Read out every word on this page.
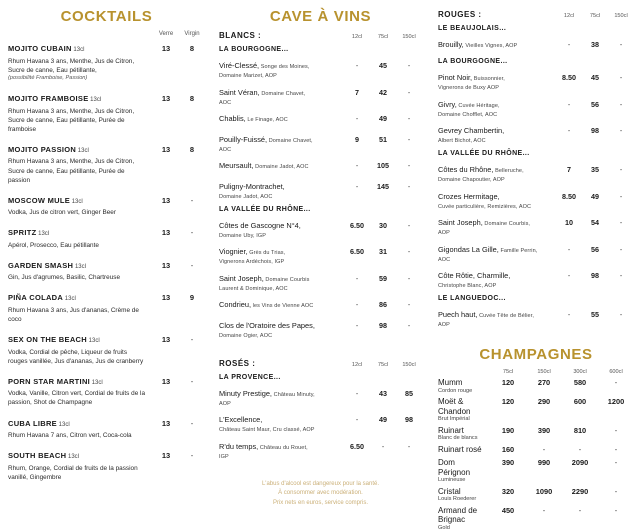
COCKTAILS
Verre	Virgin
MOJITO CUBAIN 13cl	13	8
Rhum Havana 3 ans, Menthe, Jus de Citron, Sucre de canne, Eau pétillante,
(possibilité Framboise, Passion)
MOJITO FRAMBOISE 13cl	13	8
Rhum Havana 3 ans, Menthe, Jus de Citron, Sucre de canne, Eau pétillante, Purée de framboise
MOJITO PASSION 13cl	13	8
Rhum Havana 3 ans, Menthe, Jus de Citron, Sucre de canne, Eau pétillante, Purée de passion
MOSCOW MULE 13cl	13	-
Vodka, Jus de citron vert, Ginger Beer
SPRITZ 13cl	13	-
Apérol, Prosecco, Eau pétillante
GARDEN SMASH 13cl	13	-
Gin, Jus d'agrumes, Basilic, Chartreuse
PIÑA COLADA 13cl	13	9
Rhum Havana 3 ans, Jus d'ananas, Crème de coco
SEX ON THE BEACH 13cl	13	-
Vodka, Cordial de pêche, Liqueur de fruits rouges vanillée, Jus d'ananas, Jus de cranberry
PORN STAR MARTINI 13cl	13	-
Vodka, Vanille, Citron vert, Cordial de fruits de la passion, Shot de Champagne
CUBA LIBRE 13cl	13	-
Rhum Havana 7 ans, Citron vert, Coca-cola
SOUTH BEACH 13cl	13	-
Rhum, Orange, Cordial de fruits de la passion vanillé, Gingembre
CAVE À VINS
BLANCS :	12cl	75cl	150cl
LA BOURGOGNE...
Viré-Clessé, Songe des Moines,
Domaine Marizet, AOP
-	45	-
Saint Véran, Domaine Chavet,
AOC
7	42	-
Chablis, Le Finage, AOC	-	49	-
Pouilly-Fuissé, Domaine Chavet,
AOC
9	51	-
Meursault, Domaine Jadot, AOC	-	105	-
Puligny-Montrachet,
Domaine Jadot, AOC
-	145	-
LA VALLÉE DU RHÔNE...
Côtes de Gascogne N°4,
Domaine Uby, IGP
6.50	30	-
Viognier, Grès du Trias,
Vignerons Ardéchois, IGP
6.50	31	-
Saint Joseph, Domaine Courbis
Laurent & Dominique, AOC
-	59	-
Condrieu, les Vins de Vienne AOC	-	86	-
Clos de l'Oratoire des Papes,
Domaine Ogier, AOC
-	98	-
ROSÉS :	12cl	75cl	150cl
LA PROVENCE...
Minuty Prestige, Château Minuty,
AOP
-	43	85
L'Excellence,
Château Saint Maur, Cru classé, AOP
-	49	98
R'du temps, Château du Rouet,
IGP
6.50	-	-
L'abus d'alcool est dangereux pour la santé.
À consommer avec modération.
Prix nets en euros, service compris.
ROUGES :	12cl	75cl	150cl
LE BEAUJOLAIS...
Brouilly, Vieilles Vignes, AOP	-	38	-
LA BOURGOGNE...
Pinot Noir, Buissonnier,
Vignerons de Buxy AOP
8.50	45	-
Givry, Cuvée Héritage,
Domaine Chofflet, AOC
-	56	-
Gevrey Chambertin,
Albert Bichot, AOC
-	98	-
LA VALLÉE DU RHÔNE...
Côtes du Rhône, Belleruche,
Domaine Chapoutier, AOP
7	35	-
Crozes Hermitage,
Cuvée particulière, Remizières, AOC
8.50	49	-
Saint Joseph, Domaine Courbis,
AOP
10	54	-
Gigondas La Gille, Famille Perrin,
AOC
-	56	-
Côte Rôtie, Charmille,
Christophe Blanc, AOP
-	98	-
LE LANGUEDOC...
Puech haut, Cuvée Tête de Bélier,
AOP
-	55	-
CHAMPAGNES
75cl	150cl	300cl	600cl
Mumm
Cordon rouge
120	270	580	-
Moët & Chandon
Brut Impérial
120	290	600	1200
Ruinart
Blanc de blancs
190	390	810	-
Ruinart rosé	160	-	-	-
Dom Pérignon
Lumineuse
390	990	2090	-
Cristal
Louis Roederer
320	1090	2290	-
Armand de Brignac
Gold
450	-	-	-
